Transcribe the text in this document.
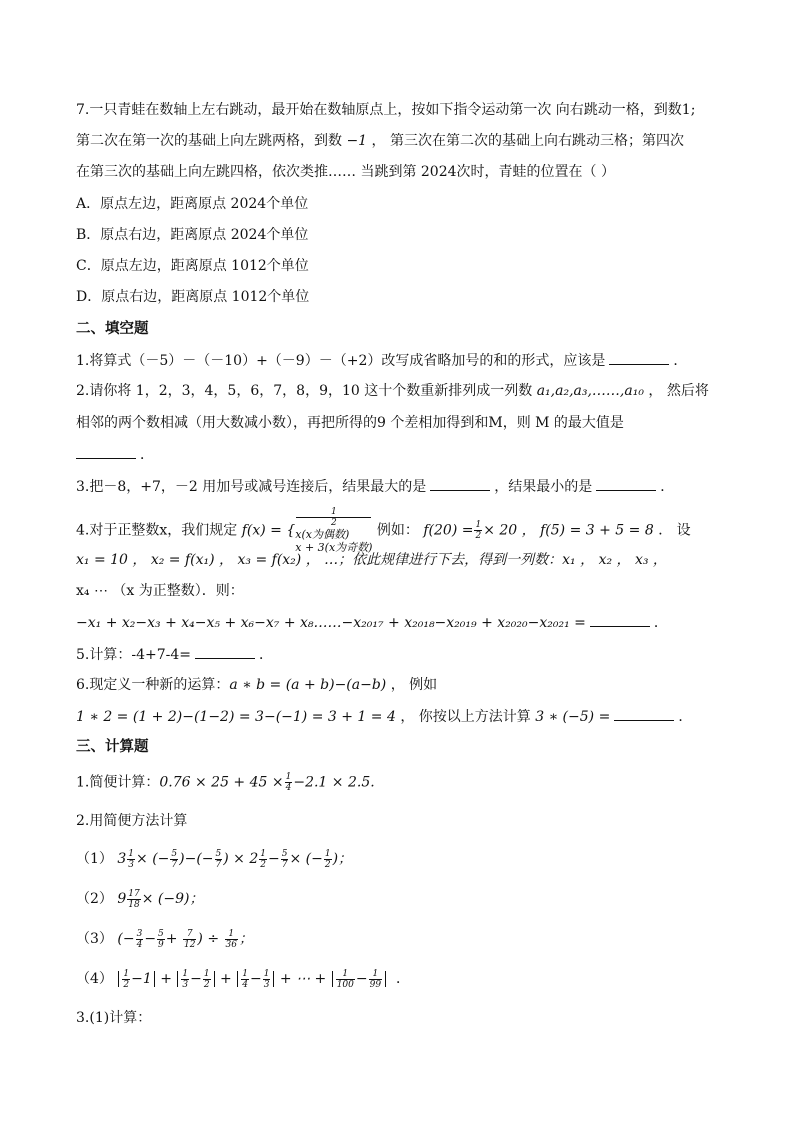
7.一只青蛙在数轴上左右跳动，最开始在数轴原点上，按如下指令运动第一次 向右跳动一格，到数1;
第二次在第一次的基础上向左跳两格，到数 −1 ， 第三次在第二次的基础上向右跳动三格；第四次
在第三次的基础上向左跳四格，依次类推…… 当跳到第 2024次时，青蛙的位置在（ ）
A．原点左边，距离原点 2024个单位
B．原点右边，距离原点 2024个单位
C．原点左边，距离原点 1012个单位
D．原点右边，距离原点 1012个单位
二、填空题
1.将算式（－5）－（－10）+（－9）－（+2）改写成省略加号的和的形式，应该是	．
2.请你将 1，2，3，4，5，6，7，8，9，10 这十个数重新排列成一列数 a₁,a₂,a₃,……,a₁₀ ， 然后将
相邻的两个数相减（用大数减小数），再把所得的9 个差相加得到和M，则 M 的最大值是
．
3.把－8，+7，－2 用加号或减号连接后，结果最大的是	，结果最小的是	．
4.对于正整数x，我们规定 f(x) = {
1
2
x(x为偶数)
x + 3(x为奇数)
例如： $f(20) = \frac{1}{2} \times 20$ ， f(5) = 3 + 5 = 8 ． 设
x₁ = 10 ， x₂ = f(x₁) ， x₃ = f(x₂) ， …；依此规律进行下去，得到一列数：x₁ ， x₂ ， x₃ ，
x₄ ⋯ （x 为正整数）．则：
−x₁ + x₂−x₃ + x₄−x₅ + x₆−x₇ + x₈……−x₂₀₁₇ + x₂₀₁₈−x₂₀₁₉ + x₂₀₂₀−x₂₀₂₁ =	．
5.计算：-4+7-4=	．
6.现定义一种新的运算：a ∗ b = (a + b)−(a−b) ， 例如
1 ∗ 2 = (1 + 2)−(1−2) = 3−(−1) = 3 + 1 = 4 ， 你按以上方法计算 3 ∗ (−5) =	．
三、计算题
1.简便计算：$0.76 \times 25 + 45 \times \frac{1}{4} -2.1 \times 2.5$.
2.用简便方法计算
（1） $3 \frac{1}{3}$ × (− $\frac{5}{7}$ )−(− $\frac{5}{7}$ ) × $2 \frac{1}{2} - \frac{5}{7}$ × (− $\frac{1}{2}$ )；
（2） $9 \frac{17}{18} \times (-9)$；
（3） (− $\frac{3}{4} - \frac{5}{9} + \frac{7}{12}$ ) ÷ $\frac{1}{36}$ ；
$(4) \frac{1}{2} -1 + \frac{1}{3} - \frac{1}{2} + \frac{1}{4} - \frac{1}{3}$ + ⋯ + $\frac{1}{100} - \frac{1}{99}$ ．
3.(1)计算：
